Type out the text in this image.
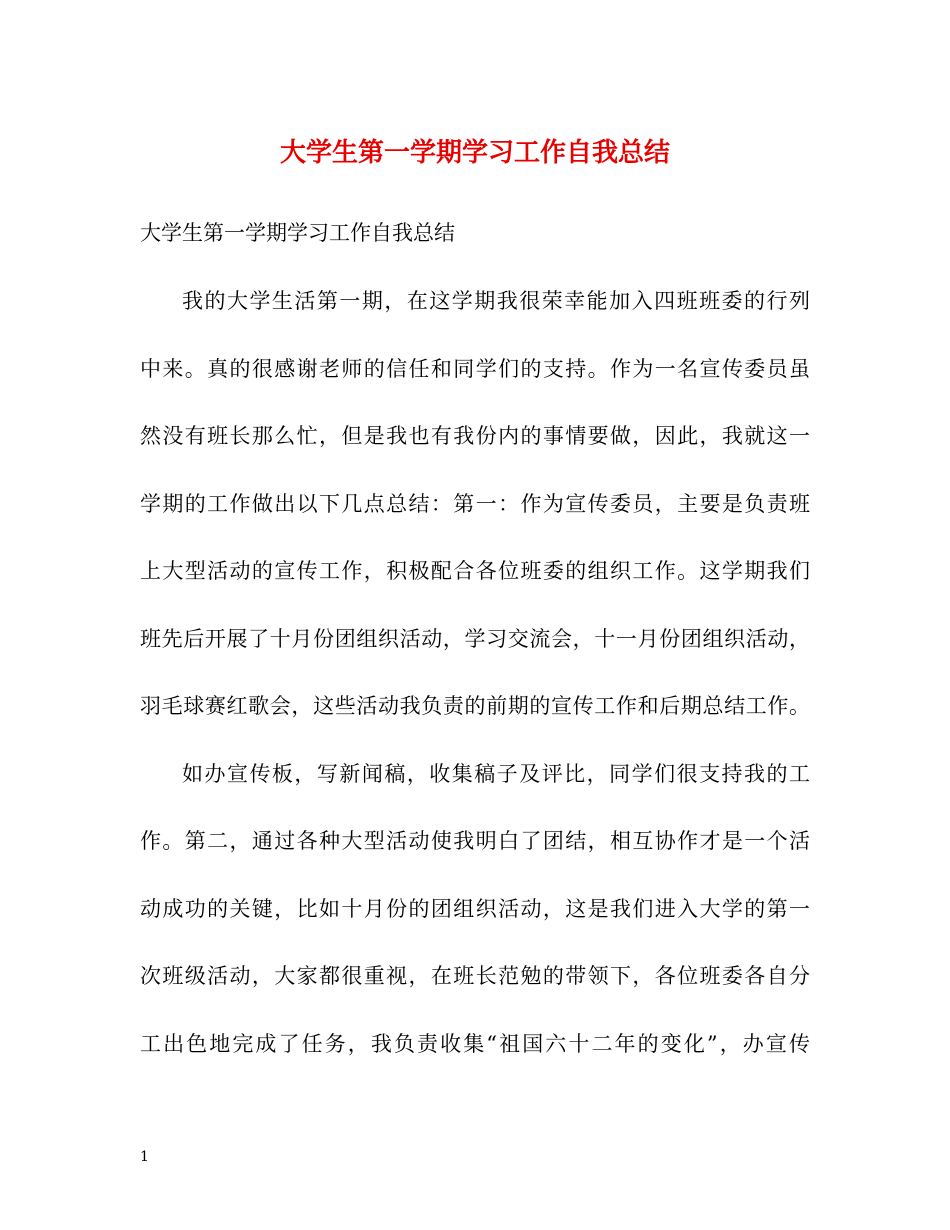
大学生第一学期学习工作自我总结

大学生第一学期学习工作自我总结

我的大学生活第一期，在这学期我很荣幸能加入四班班委的行列

中来。真的很感谢老师的信任和同学们的支持。作为一名宣传委员虽

然没有班长那么忙，但是我也有我份内的事情要做，因此，我就这一

学期的工作做出以下几点总结：第一：作为宣传委员，主要是负责班

上大型活动的宣传工作，积极配合各位班委的组织工作。这学期我们

班先后开展了十月份团组织活动，学习交流会，十一月份团组织活动，

羽毛球赛红歌会，这些活动我负责的前期的宣传工作和后期总结工作。

如办宣传板，写新闻稿，收集稿子及评比，同学们很支持我的工

作。第二，通过各种大型活动使我明白了团结，相互协作才是一个活

动成功的关键，比如十月份的团组织活动，这是我们进入大学的第一

次班级活动，大家都很重视，在班长范勉的带领下，各位班委各自分

工出色地完成了任务，我负责收集“祖国六十二年的变化”，办宣传

1
